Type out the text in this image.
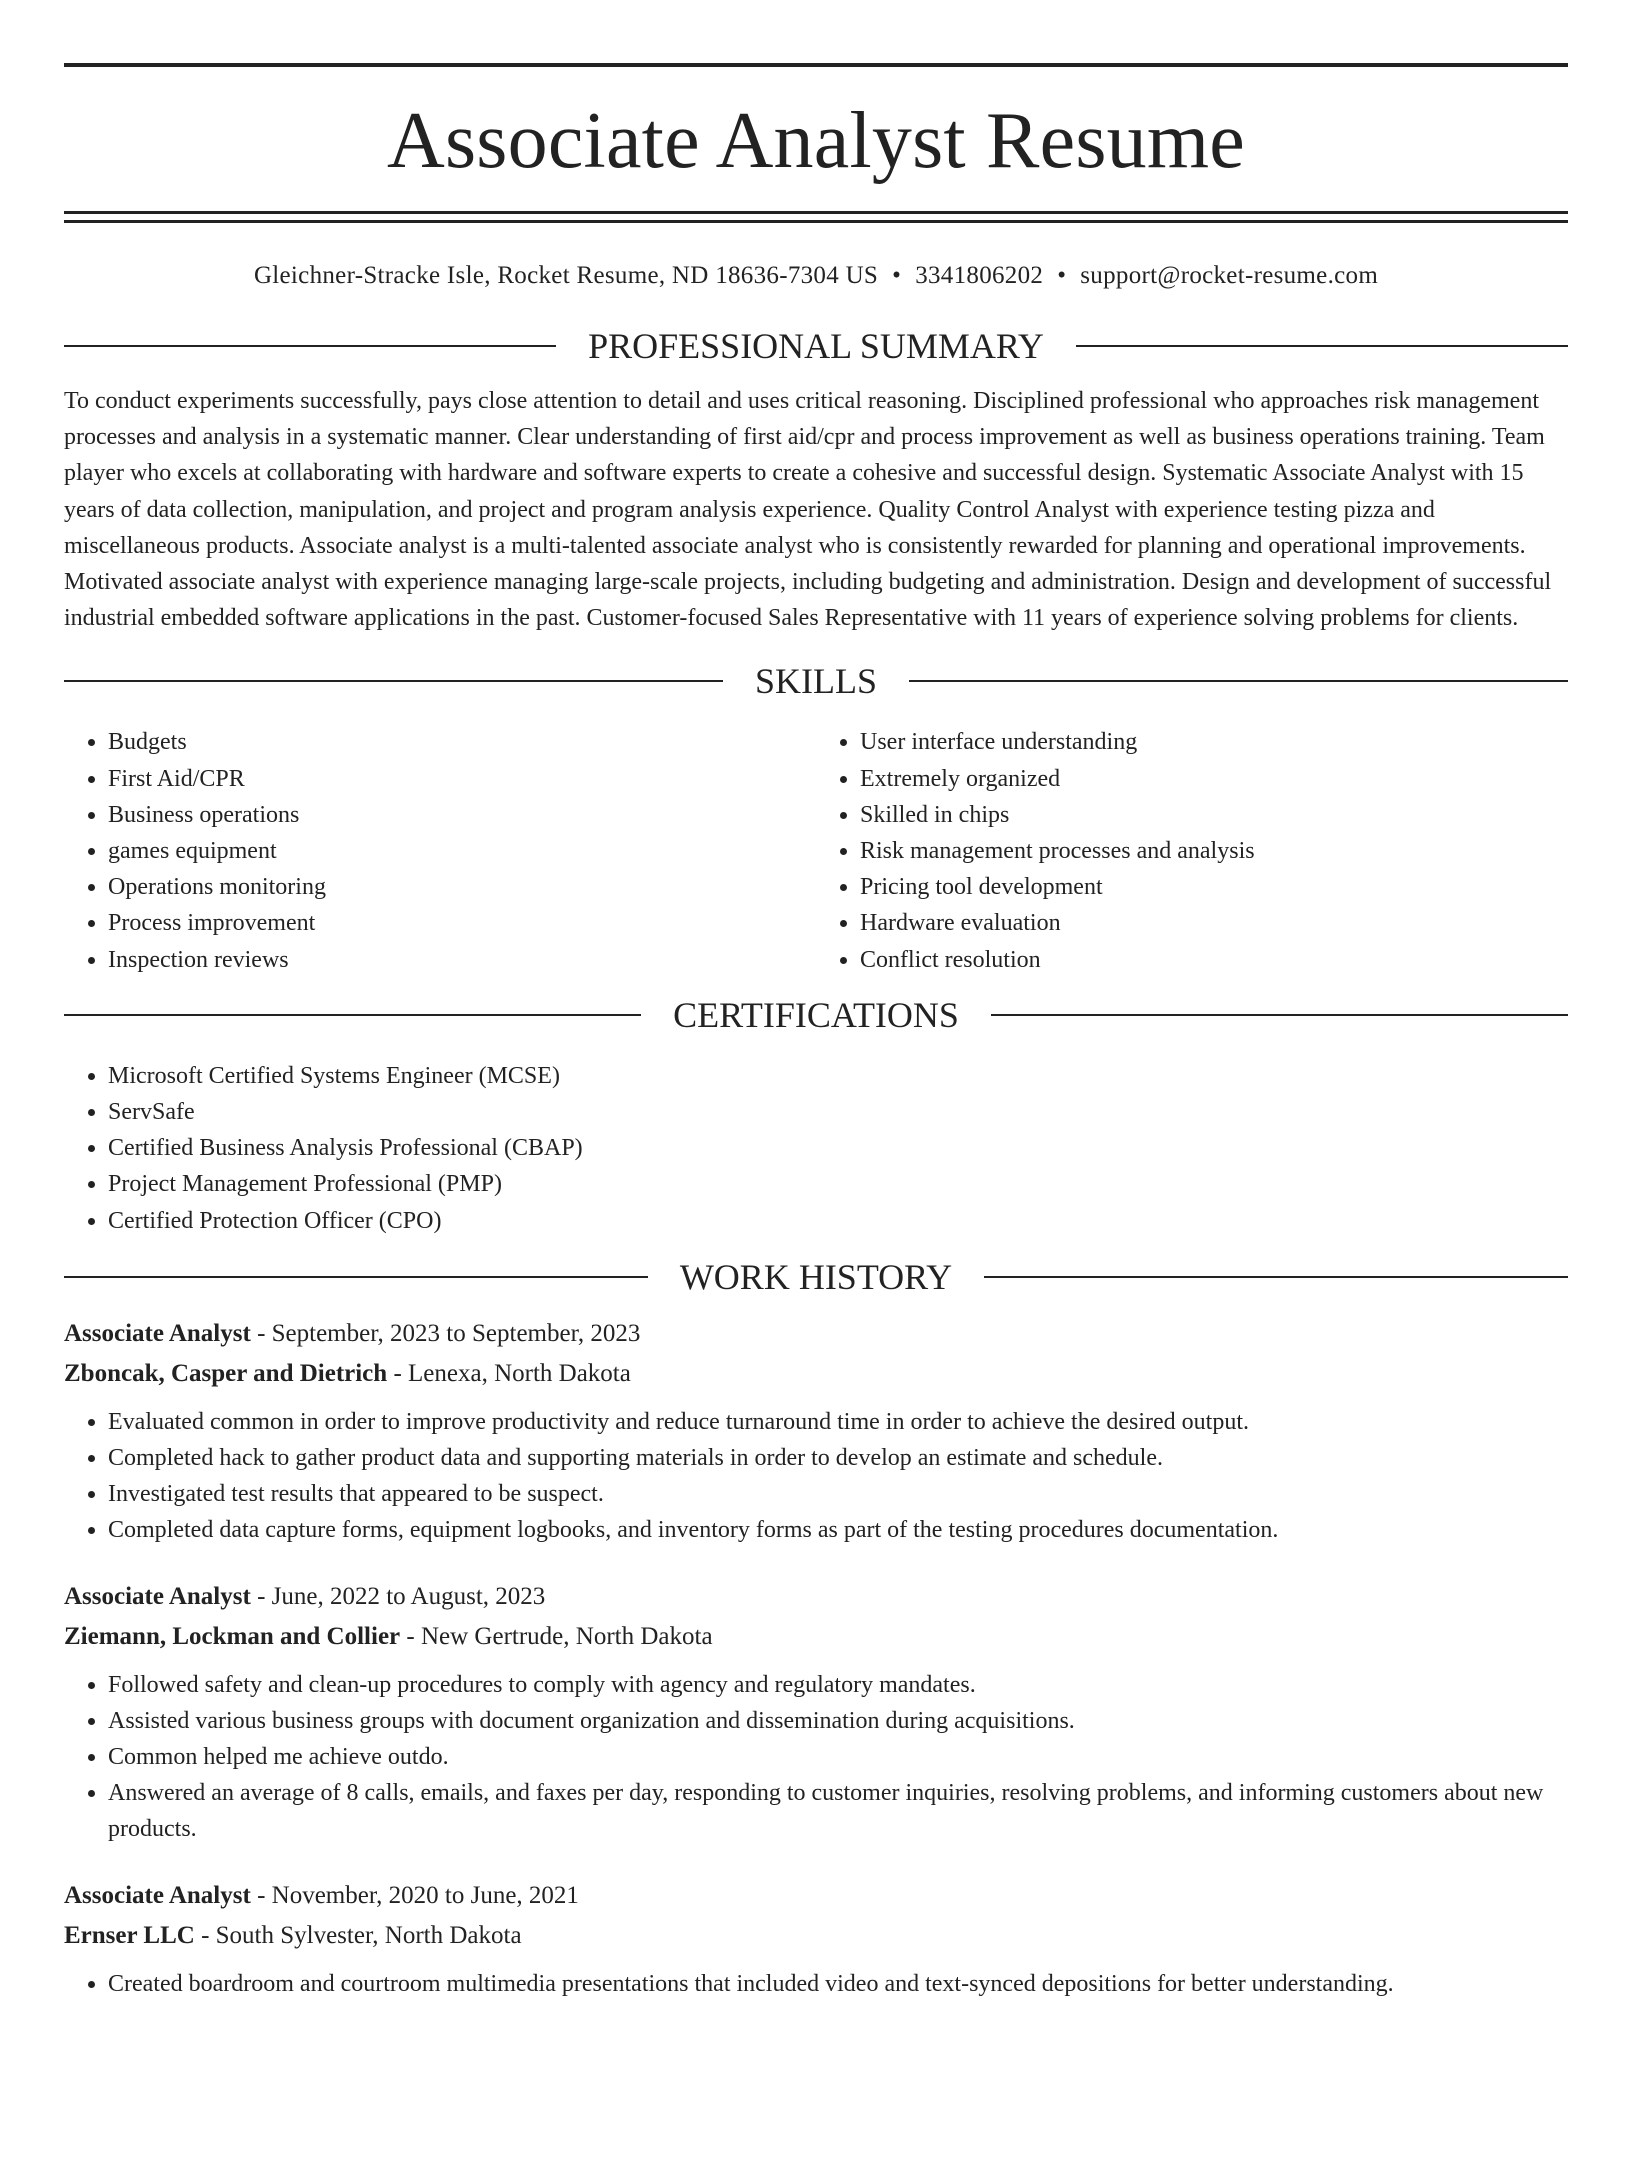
Associate Analyst Resume
Gleichner-Stracke Isle, Rocket Resume, ND 18636-7304 US • 3341806202 • support@rocket-resume.com
PROFESSIONAL SUMMARY

To conduct experiments successfully, pays close attention to detail and uses critical reasoning. Disciplined professional who approaches risk management processes and analysis in a systematic manner. Clear understanding of first aid/cpr and process improvement as well as business operations training. Team player who excels at collaborating with hardware and software experts to create a cohesive and successful design. Systematic Associate Analyst with 15 years of data collection, manipulation, and project and program analysis experience. Quality Control Analyst with experience testing pizza and miscellaneous products. Associate analyst is a multi-talented associate analyst who is consistently rewarded for planning and operational improvements. Motivated associate analyst with experience managing large-scale projects, including budgeting and administration. Design and development of successful industrial embedded software applications in the past. Customer-focused Sales Representative with 11 years of experience solving problems for clients.

SKILLS
• Budgets
• First Aid/CPR
• Business operations
• games equipment
• Operations monitoring
• Process improvement
• Inspection reviews
• User interface understanding
• Extremely organized
• Skilled in chips
• Risk management processes and analysis
• Pricing tool development
• Hardware evaluation
• Conflict resolution
CERTIFICATIONS
• Microsoft Certified Systems Engineer (MCSE)
• ServSafe
• Certified Business Analysis Professional (CBAP)
• Project Management Professional (PMP)
• Certified Protection Officer (CPO)
WORK HISTORY
Associate Analyst - September, 2023 to September, 2023
Zboncak, Casper and Dietrich - Lenexa, North Dakota
• Evaluated common in order to improve productivity and reduce turnaround time in order to achieve the desired output.
• Completed hack to gather product data and supporting materials in order to develop an estimate and schedule.
• Investigated test results that appeared to be suspect.
• Completed data capture forms, equipment logbooks, and inventory forms as part of the testing procedures documentation.
Associate Analyst - June, 2022 to August, 2023
Ziemann, Lockman and Collier - New Gertrude, North Dakota
• Followed safety and clean-up procedures to comply with agency and regulatory mandates.
• Assisted various business groups with document organization and dissemination during acquisitions.
• Common helped me achieve outdo.
• Answered an average of 8 calls, emails, and faxes per day, responding to customer inquiries, resolving problems, and informing customers about new products.
Associate Analyst - November, 2020 to June, 2021
Ernser LLC - South Sylvester, North Dakota
• Created boardroom and courtroom multimedia presentations that included video and text-synced depositions for better understanding.
